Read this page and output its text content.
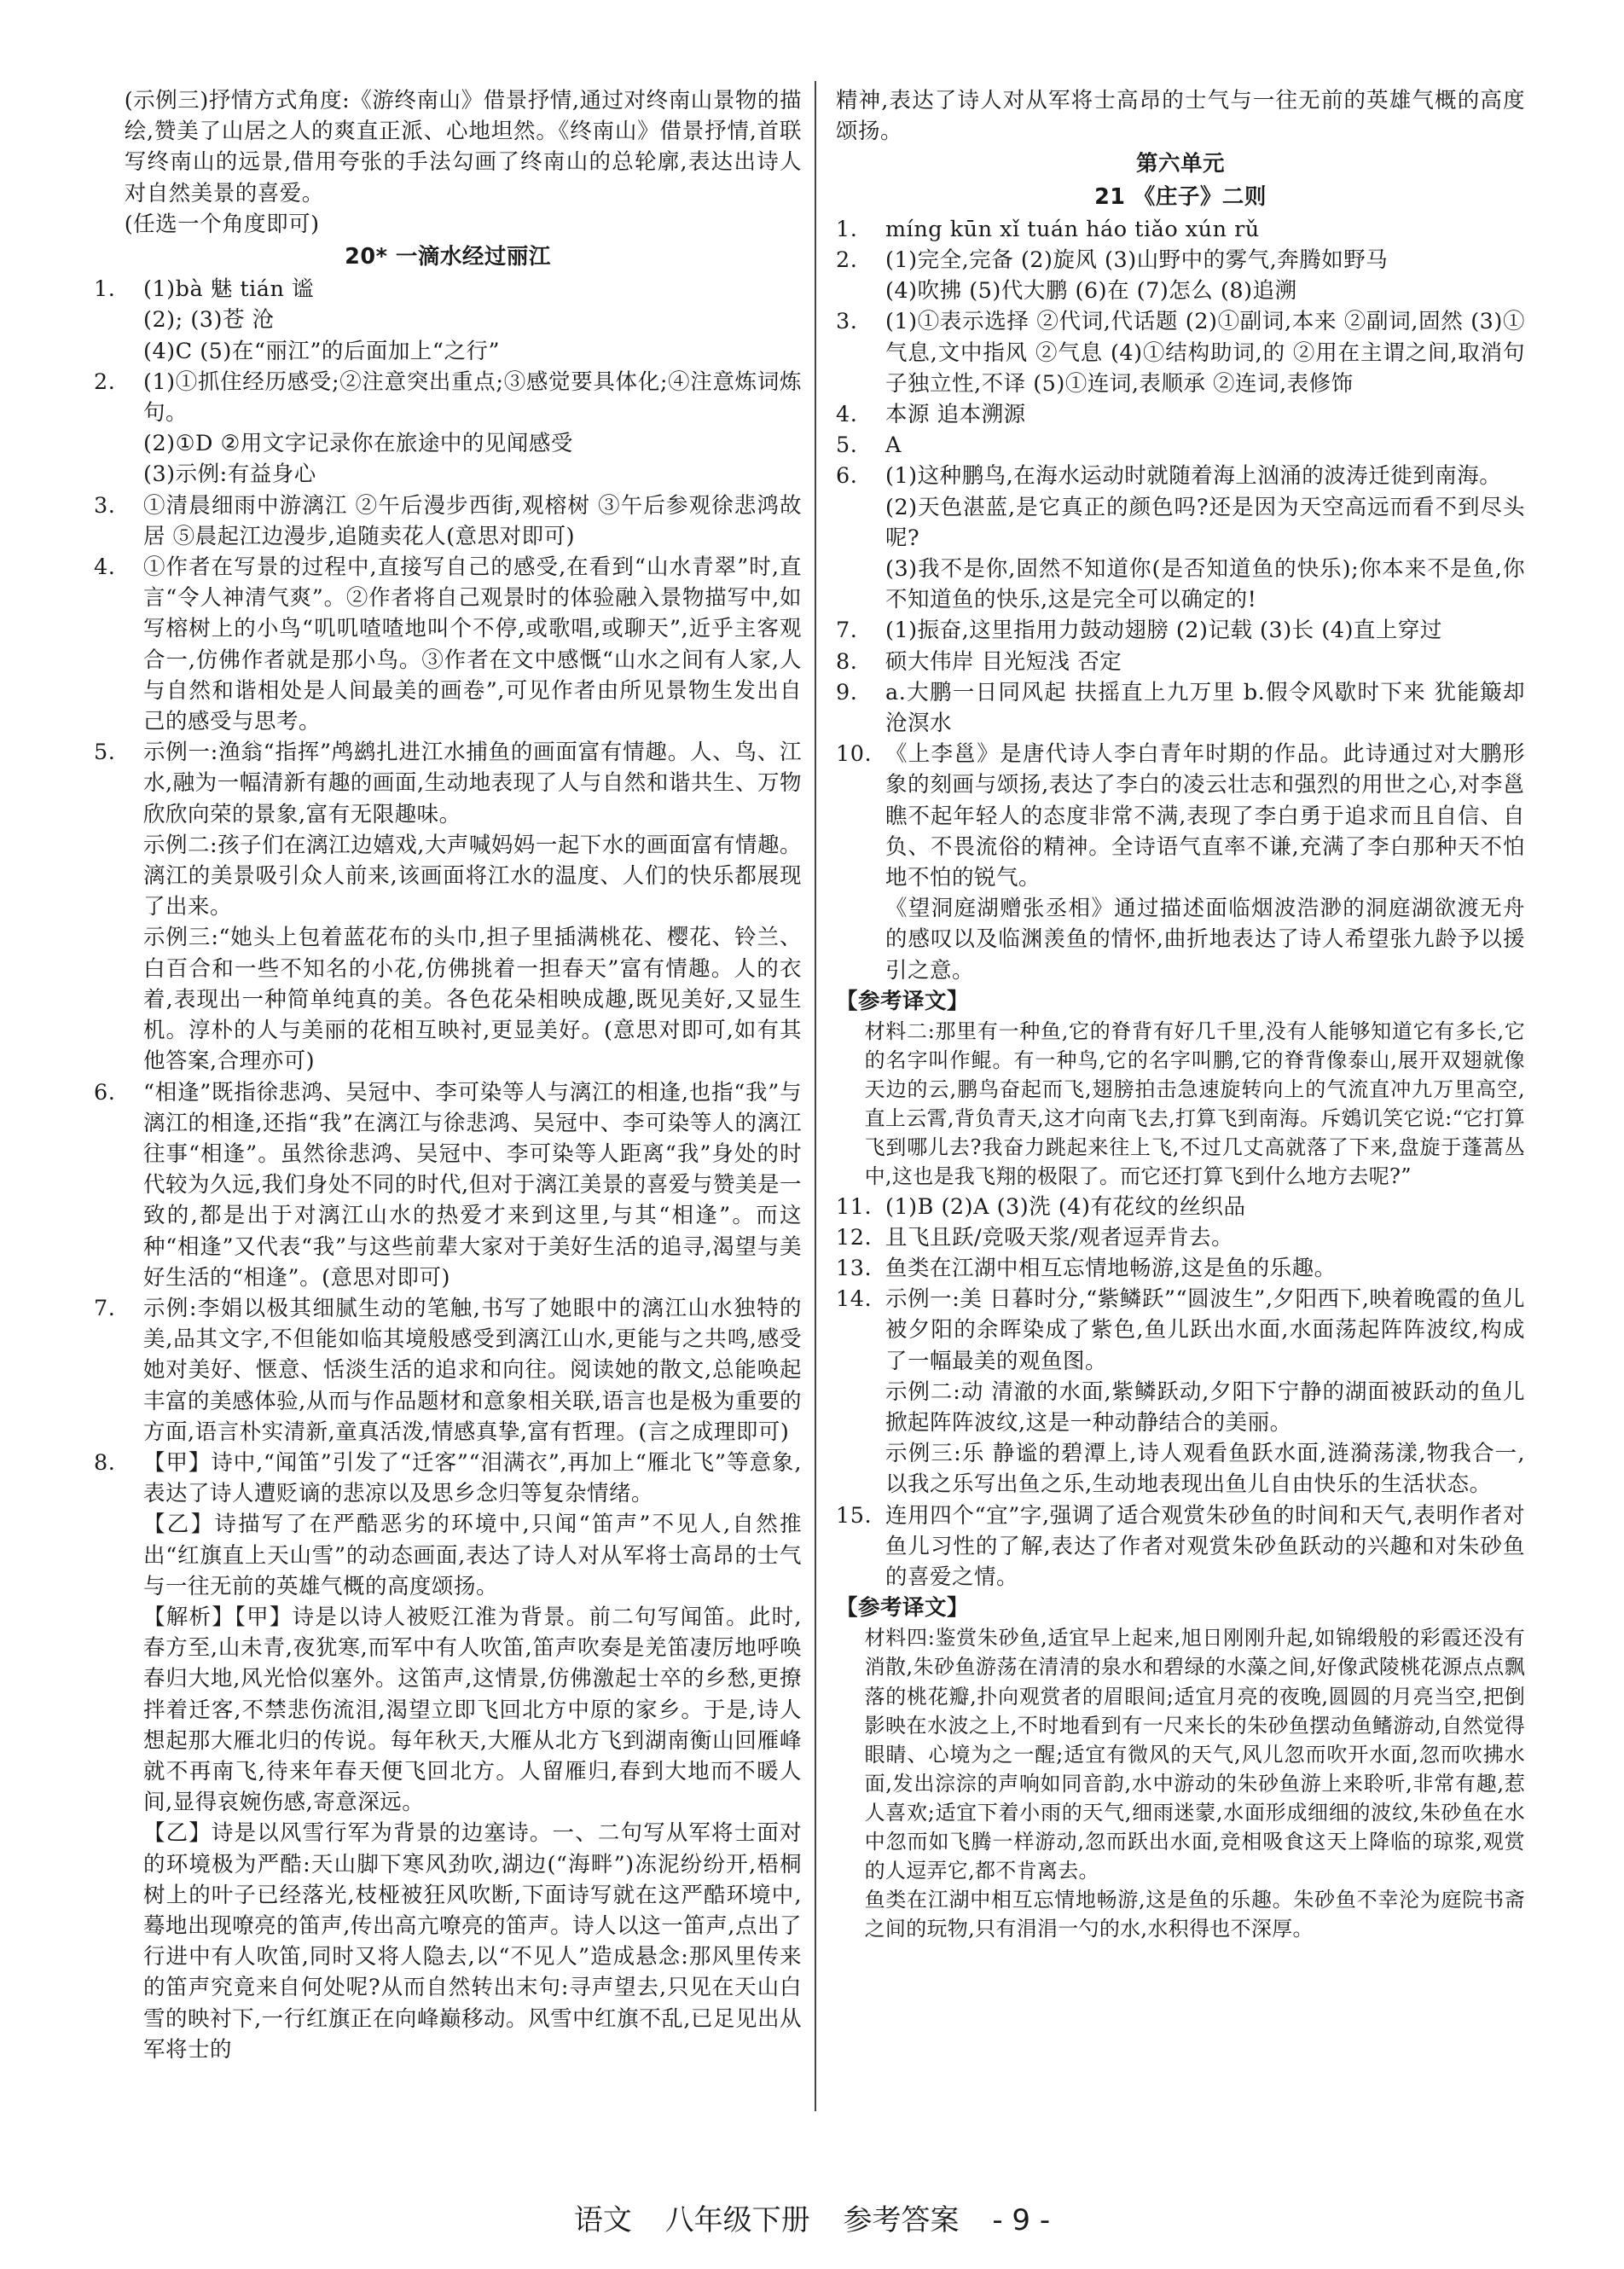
(示例三)抒情方式角度:《游终南山》借景抒情,通过对终南山景物的描绘,赞美了山居之人的爽直正派、心地坦然。《终南山》借景抒情,首联写终南山的远景,借用夸张的手法勾画了终南山的总轮廓,表达出诗人对自然美景的喜爱。

(任选一个角度即可)

20* 一滴水经过丽江
1.	(1)bà 魅 tián 谧

(2); (3)苍 沧

(4)C (5)在“丽江”的后面加上“之行”

2.	(1)①抓住经历感受;②注意突出重点;③感觉要具体化;④注意炼词炼句。

(2)①D ②用文字记录你在旅途中的见闻感受

(3)示例:有益身心

3.	①清晨细雨中游漓江 ②午后漫步西街,观榕树 ③午后参观徐悲鸿故居 ⑤晨起江边漫步,追随卖花人(意思对即可)

4.	①作者在写景的过程中,直接写自己的感受,在看到“山水青翠”时,直言“令人神清气爽”。②作者将自己观景时的体验融入景物描写中,如写榕树上的小鸟“叽叽喳喳地叫个不停,或歌唱,或聊天”,近乎主客观合一,仿佛作者就是那小鸟。③作者在文中感慨“山水之间有人家,人与自然和谐相处是人间最美的画卷”,可见作者由所见景物生发出自己的感受与思考。

5.	示例一:渔翁“指挥”鸬鹚扎进江水捕鱼的画面富有情趣。人、鸟、江水,融为一幅清新有趣的画面,生动地表现了人与自然和谐共生、万物欣欣向荣的景象,富有无限趣味。

示例二:孩子们在漓江边嬉戏,大声喊妈妈一起下水的画面富有情趣。漓江的美景吸引众人前来,该画面将江水的温度、人们的快乐都展现了出来。

示例三:“她头上包着蓝花布的头巾,担子里插满桃花、樱花、铃兰、白百合和一些不知名的小花,仿佛挑着一担春天”富有情趣。人的衣着,表现出一种简单纯真的美。各色花朵相映成趣,既见美好,又显生机。淳朴的人与美丽的花相互映衬,更显美好。(意思对即可,如有其他答案,合理亦可)

6.	“相逢”既指徐悲鸿、吴冠中、李可染等人与漓江的相逢,也指“我”与漓江的相逢,还指“我”在漓江与徐悲鸿、吴冠中、李可染等人的漓江往事“相逢”。虽然徐悲鸿、吴冠中、李可染等人距离“我”身处的时代较为久远,我们身处不同的时代,但对于漓江美景的喜爱与赞美是一致的,都是出于对漓江山水的热爱才来到这里,与其“相逢”。而这种“相逢”又代表“我”与这些前辈大家对于美好生活的追寻,渴望与美好生活的“相逢”。(意思对即可)

7.	示例:李娟以极其细腻生动的笔触,书写了她眼中的漓江山水独特的美,品其文字,不但能如临其境般感受到漓江山水,更能与之共鸣,感受她对美好、惬意、恬淡生活的追求和向往。阅读她的散文,总能唤起丰富的美感体验,从而与作品题材和意象相关联,语言也是极为重要的方面,语言朴实清新,童真活泼,情感真挚,富有哲理。(言之成理即可)

8.	【甲】诗中,“闻笛”引发了“迁客”“泪满衣”,再加上“雁北飞”等意象,表达了诗人遭贬谪的悲凉以及思乡念归等复杂情绪。

【乙】诗描写了在严酷恶劣的环境中,只闻“笛声”不见人,自然推出“红旗直上天山雪”的动态画面,表达了诗人对从军将士高昂的士气与一往无前的英雄气概的高度颂扬。

【解析】【甲】诗是以诗人被贬江淮为背景。前二句写闻笛。此时,春方至,山未青,夜犹寒,而军中有人吹笛,笛声吹奏是羌笛凄厉地呼唤春归大地,风光恰似塞外。这笛声,这情景,仿佛激起士卒的乡愁,更撩拌着迁客,不禁悲伤流泪,渴望立即飞回北方中原的家乡。于是,诗人想起那大雁北归的传说。每年秋天,大雁从北方飞到湖南衡山回雁峰就不再南飞,待来年春天便飞回北方。人留雁归,春到大地而不暖人间,显得哀婉伤感,寄意深远。

【乙】诗是以风雪行军为背景的边塞诗。一、二句写从军将士面对的环境极为严酷:天山脚下寒风劲吹,湖边(“海畔”)冻泥纷纷开,梧桐树上的叶子已经落光,枝桠被狂风吹断,下面诗写就在这严酷环境中,蓦地出现嘹亮的笛声,传出高亢嘹亮的笛声。诗人以这一笛声,点出了行进中有人吹笛,同时又将人隐去,以“不见人”造成悬念:那风里传来的笛声究竟来自何处呢?从而自然转出末句:寻声望去,只见在天山白雪的映衬下,一行红旗正在向峰巅移动。风雪中红旗不乱,已足见出从军将士的

精神,表达了诗人对从军将士高昂的士气与一往无前的英雄气概的高度颂扬。

第六单元
21 《庄子》二则
1.	míng kūn xǐ tuán háo tiǎo xún rǔ

2.	(1)完全,完备 (2)旋风 (3)山野中的雾气,奔腾如野马

(4)吹拂 (5)代大鹏 (6)在 (7)怎么 (8)追溯

3.	(1)①表示选择 ②代词,代话题 (2)①副词,本来 ②副词,固然 (3)①气息,文中指风 ②气息 (4)①结构助词,的 ②用在主谓之间,取消句子独立性,不译 (5)①连词,表顺承 ②连词,表修饰

4.	本源 追本溯源

5.	A

6.	(1)这种鹏鸟,在海水运动时就随着海上汹涌的波涛迁徙到南海。

(2)天色湛蓝,是它真正的颜色吗?还是因为天空高远而看不到尽头呢?

(3)我不是你,固然不知道你(是否知道鱼的快乐);你本来不是鱼,你不知道鱼的快乐,这是完全可以确定的!

7.	(1)振奋,这里指用力鼓动翅膀 (2)记载 (3)长 (4)直上穿过

8.	硕大伟岸 目光短浅 否定

9.	a.大鹏一日同风起 扶摇直上九万里 b.假令风歇时下来 犹能簸却沧溟水

10. 《上李邕》是唐代诗人李白青年时期的作品。此诗通过对大鹏形象的刻画与颂扬,表达了李白的凌云壮志和强烈的用世之心,对李邕瞧不起年轻人的态度非常不满,表现了李白勇于追求而且自信、自负、不畏流俗的精神。全诗语气直率不谦,充满了李白那种天不怕地不怕的锐气。

《望洞庭湖赠张丞相》通过描述面临烟波浩渺的洞庭湖欲渡无舟的感叹以及临渊羡鱼的情怀,曲折地表达了诗人希望张九龄予以援引之意。

【参考译文】

材料二:那里有一种鱼,它的脊背有好几千里,没有人能够知道它有多长,它的名字叫作鲲。有一种鸟,它的名字叫鹏,它的脊背像泰山,展开双翅就像天边的云,鹏鸟奋起而飞,翅膀拍击急速旋转向上的气流直冲九万里高空,直上云霄,背负青天,这才向南飞去,打算飞到南海。斥鴳讥笑它说:“它打算飞到哪儿去?我奋力跳起来往上飞,不过几丈高就落了下来,盘旋于蓬蒿丛中,这也是我飞翔的极限了。而它还打算飞到什么地方去呢?”

11. (1)B (2)A (3)洗 (4)有花纹的丝织品

12. 且飞且跃/竞吸天浆/观者逗弄肯去。

13. 鱼类在江湖中相互忘情地畅游,这是鱼的乐趣。

14. 示例一:美 日暮时分,“紫鳞跃”“圆波生”,夕阳西下,映着晚霞的鱼儿被夕阳的余晖染成了紫色,鱼儿跃出水面,水面荡起阵阵波纹,构成了一幅最美的观鱼图。

示例二:动 清澈的水面,紫鳞跃动,夕阳下宁静的湖面被跃动的鱼儿掀起阵阵波纹,这是一种动静结合的美丽。

示例三:乐 静谧的碧潭上,诗人观看鱼跃水面,涟漪荡漾,物我合一,以我之乐写出鱼之乐,生动地表现出鱼儿自由快乐的生活状态。

15. 连用四个“宜”字,强调了适合观赏朱砂鱼的时间和天气,表明作者对鱼儿习性的了解,表达了作者对观赏朱砂鱼跃动的兴趣和对朱砂鱼的喜爱之情。

【参考译文】

材料四:鉴赏朱砂鱼,适宜早上起来,旭日刚刚升起,如锦缎般的彩霞还没有消散,朱砂鱼游荡在清清的泉水和碧绿的水藻之间,好像武陵桃花源点点飘落的桃花瓣,扑向观赏者的眉眼间;适宜月亮的夜晚,圆圆的月亮当空,把倒影映在水波之上,不时地看到有一尺来长的朱砂鱼摆动鱼鳍游动,自然觉得眼睛、心境为之一醒;适宜有微风的天气,风儿忽而吹开水面,忽而吹拂水面,发出淙淙的声响如同音韵,水中游动的朱砂鱼游上来聆听,非常有趣,惹人喜欢;适宜下着小雨的天气,细雨迷蒙,水面形成细细的波纹,朱砂鱼在水中忽而如飞腾一样游动,忽而跃出水面,竞相吸食这天上降临的琼浆,观赏的人逗弄它,都不肯离去。

鱼类在江湖中相互忘情地畅游,这是鱼的乐趣。朱砂鱼不幸沦为庭院书斋之间的玩物,只有涓涓一勺的水,水积得也不深厚。

语文 八年级下册 参考答案 - 9 -
